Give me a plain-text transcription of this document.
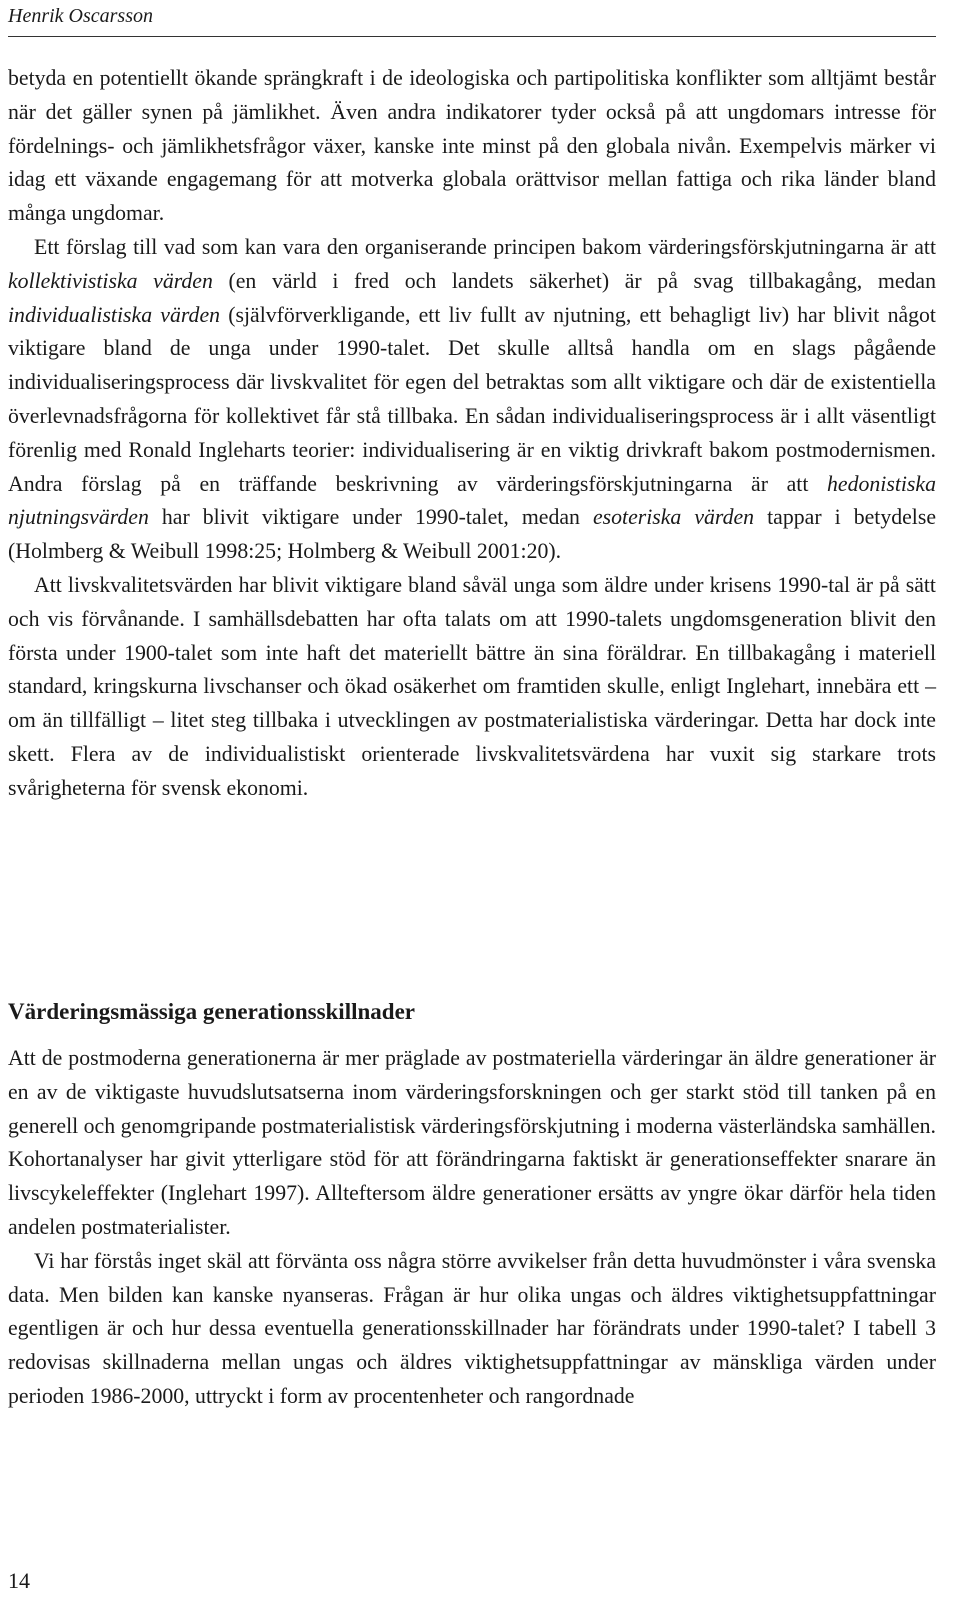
Henrik Oscarsson

betyda en potentiellt ökande sprängkraft i de ideologiska och partipolitiska konflikter som alltjämt består när det gäller synen på jämlikhet. Även andra indikatorer tyder också på att ungdomars intresse för fördelnings- och jämlikhetsfrågor växer, kanske inte minst på den globala nivån. Exempelvis märker vi idag ett växande engagemang för att motverka globala orättvisor mellan fattiga och rika länder bland många ungdomar.

Ett förslag till vad som kan vara den organiserande principen bakom värderingsförskjutningarna är att kollektivistiska värden (en värld i fred och landets säkerhet) är på svag tillbakagång, medan individualistiska värden (självförverkligande, ett liv fullt av njutning, ett behagligt liv) har blivit något viktigare bland de unga under 1990-talet. Det skulle alltså handla om en slags pågående individualiseringsprocess där livskvalitet för egen del betraktas som allt viktigare och där de existentiella överlevnadsfrågorna för kollektivet får stå tillbaka. En sådan individualiseringsprocess är i allt väsentligt förenlig med Ronald Ingleharts teorier: individualisering är en viktig drivkraft bakom postmodernismen. Andra förslag på en träffande beskrivning av värderingsförskjutningarna är att hedonistiska njutningsvärden har blivit viktigare under 1990-talet, medan esoteriska värden tappar i betydelse (Holmberg & Weibull 1998:25; Holmberg & Weibull 2001:20).

Att livskvalitetsvärden har blivit viktigare bland såväl unga som äldre under krisens 1990-tal är på sätt och vis förvånande. I samhällsdebatten har ofta talats om att 1990-talets ungdomsgeneration blivit den första under 1900-talet som inte haft det materiellt bättre än sina föräldrar. En tillbakagång i materiell standard, kringskurna livschanser och ökad osäkerhet om framtiden skulle, enligt Inglehart, innebära ett – om än tillfälligt – litet steg tillbaka i utvecklingen av postmaterialistiska värderingar. Detta har dock inte skett. Flera av de individualistiskt orienterade livskvalitetsvärdena har vuxit sig starkare trots svårigheterna för svensk ekonomi.

Värderingsmässiga generationsskillnader

Att de postmoderna generationerna är mer präglade av postmateriella värderingar än äldre generationer är en av de viktigaste huvudslutsatserna inom värderingsforskningen och ger starkt stöd till tanken på en generell och genomgripande postmaterialistisk värderingsförskjutning i moderna västerländska samhällen. Kohortanalyser har givit ytterligare stöd för att förändringarna faktiskt är generationseffekter snarare än livscykeleffekter (Inglehart 1997). Allteftersom äldre generationer ersätts av yngre ökar därför hela tiden andelen postmaterialister.

Vi har förstås inget skäl att förvänta oss några större avvikelser från detta huvudmönster i våra svenska data. Men bilden kan kanske nyanseras. Frågan är hur olika ungas och äldres viktighetsuppfattningar egentligen är och hur dessa eventuella generationsskillnader har förändrats under 1990-talet? I tabell 3 redovisas skillnaderna mellan ungas och äldres viktighetsuppfattningar av mänskliga värden under perioden 1986-2000, uttryckt i form av procentenheter och rangordnade

14
